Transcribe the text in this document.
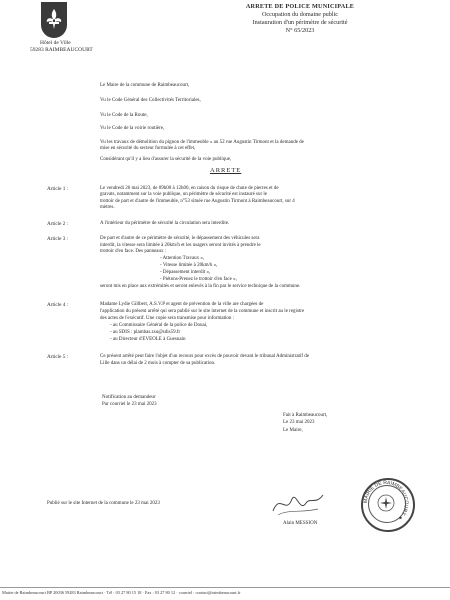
Hôtel de Ville
59283 RAIMBEAUCOURT
ARRETE DE POLICE MUNICIPALE
Occupation du domaine public
Instauration d'un périmètre de sécurité
N° 65/2023
Le Maire de la commune de Raimbeaucourt,
Vu le Code Général des Collectivités Territoriales,
Vu le Code de la Route,
Vu le Code de la voirie routière,
Vu les travaux de démolition du pignon de l'immeuble « au 52 rue Augustin Tirmont et la demande de
mise en sécurité du secteur formulée à cet effet,
Considérant qu'il y a lieu d'assurer la sécurité de la voie publique,
ARRETE
Article 1 :	Le vendredi 26 mai 2023, de 09h00 à 12h00, en raison du risque de chute de pierres et de
gravats, notamment sur la voie publique, un périmètre de sécurité est instauré sur le
trottoir de part et d'autre de l'immeuble, n°53 située rue Augustin Tirmont à Raimbeaucourt, sur 4
mètres.
Article 2 :	A l'intérieur du périmètre de sécurité la circulation sera interdite.
Article 3 :	De part et d'autre de ce périmètre de sécurité, le dépassement des véhicules sera
interdit, la vitesse sera limitée à 20km/h et les usagers seront invités à prendre le
trottoir d'en face. Des panneaux :
- Attention Travaux »,
- Vitesse limitée à 20km/h »,
- Dépassement interdit »,
- Piétons-Prenez le trottoir d'en face »,
seront mis en place aux extrémités et seront enlevés à la fin par le service technique de la commune.
Article 4 :	Madame Lydie Gillbert, A.S.V.P et agent de prévention de la ville are chargées de
l'application du présent arrêté qui sera publié sur le site internet de la commune et inscrit au le registre
des actes de l'exécutif. Une copie sera transmise pour information :
- au Commissaire Général de la police de Douai,
- au SDIS : plambas.zsu@sdis59.fr
- au Directeur d'EVEOLE à Guesnain
Article 5 :	Ce présent arrêté peut faire l'objet d'un recours pour excès de pouvoir devant le tribunal Administratif de
Lille dans un délai de 2 mois à compter de sa publication.
Notification au demandeur
Par courriel le 23 mai 2023
Fait à Raimbeaucourt,
Le 23 mai 2023
Le Maire,
Alain MESSION
MAIRIE DE RAIMBEAUCOURT ★
Publié sur le site Internet de la commune le 23 mai 2023
Mairie de Raimbeaucourt BP 20036 59283 Raimbeaucourt · Tél : 03 27 80 15 18 · Fax : 03 27 80 12 · courriel : contact@raimbeaucourt.fr
